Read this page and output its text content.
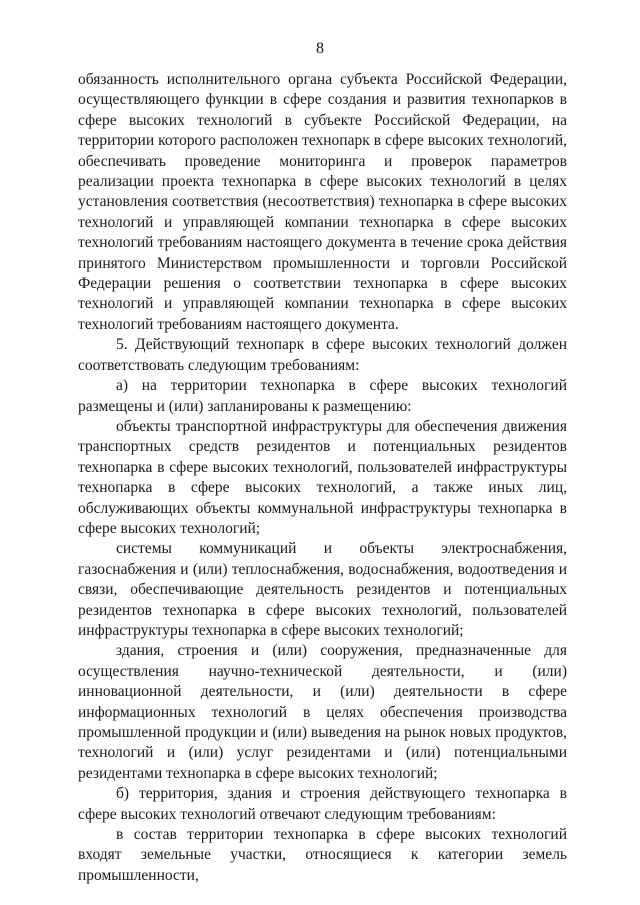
8

обязанность исполнительного органа субъекта Российской Федерации, осуществляющего функции в сфере создания и развития технопарков в сфере высоких технологий в субъекте Российской Федерации, на территории которого расположен технопарк в сфере высоких технологий, обеспечивать проведение мониторинга и проверок параметров реализации проекта технопарка в сфере высоких технологий в целях установления соответствия (несоответствия) технопарка в сфере высоких технологий и управляющей компании технопарка в сфере высоких технологий требованиям настоящего документа в течение срока действия принятого Министерством промышленности и торговли Российской Федерации решения о соответствии технопарка в сфере высоких технологий и управляющей компании технопарка в сфере высоких технологий требованиям настоящего документа.

5. Действующий технопарк в сфере высоких технологий должен соответствовать следующим требованиям:

а) на территории технопарка в сфере высоких технологий размещены и (или) запланированы к размещению:

объекты транспортной инфраструктуры для обеспечения движения транспортных средств резидентов и потенциальных резидентов технопарка в сфере высоких технологий, пользователей инфраструктуры технопарка в сфере высоких технологий, а также иных лиц, обслуживающих объекты коммунальной инфраструктуры технопарка в сфере высоких технологий;

системы коммуникаций и объекты электроснабжения, газоснабжения и (или) теплоснабжения, водоснабжения, водоотведения и связи, обеспечивающие деятельность резидентов и потенциальных резидентов технопарка в сфере высоких технологий, пользователей инфраструктуры технопарка в сфере высоких технологий;

здания, строения и (или) сооружения, предназначенные для осуществления научно-технической деятельности, и (или) инновационной деятельности, и (или) деятельности в сфере информационных технологий в целях обеспечения производства промышленной продукции и (или) выведения на рынок новых продуктов, технологий и (или) услуг резидентами и (или) потенциальными резидентами технопарка в сфере высоких технологий;

б) территория, здания и строения действующего технопарка в сфере высоких технологий отвечают следующим требованиям:

в состав территории технопарка в сфере высоких технологий входят земельные участки, относящиеся к категории земель промышленности,
